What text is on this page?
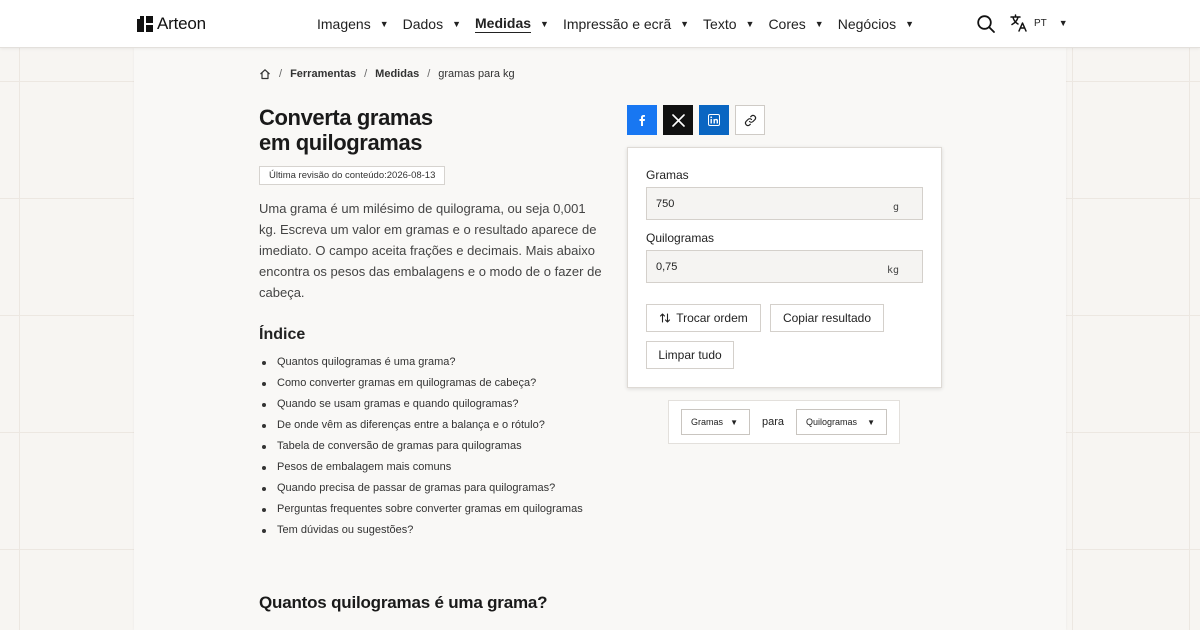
Arteon	Imagens ▼ Dados ▼ Medidas ▼ Impressão e ecrã ▼ Texto ▼ Cores ▼ Negócios ▼	PT ▼
/ Ferramentas / Medidas / gramas para kg
Converta gramas
em quilogramas
Última revisão do conteúdo:2026-08-13

Uma grama é um milésimo de quilograma, ou seja 0,001 kg. Escreva um valor em gramas e o resultado aparece de imediato. O campo aceita frações e decimais. Mais abaixo encontra os pesos das embalagens e o modo de o fazer de cabeça.

Índice
Quantos quilogramas é uma grama?
Como converter gramas em quilogramas de cabeça?
Quando se usam gramas e quando quilogramas?
De onde vêm as diferenças entre a balança e o rótulo?
Tabela de conversão de gramas para quilogramas
Pesos de embalagem mais comuns
Quando precisa de passar de gramas para quilogramas?
Perguntas frequentes sobre converter gramas em quilogramas
Tem dúvidas ou sugestões?
Quantos quilogramas é uma grama?
Gramas
750	g
Quilogramas
0,75	kg
Trocar ordem	Copiar resultado
Limpar tudo
Gramas ▼ para Quilogramas ▼
